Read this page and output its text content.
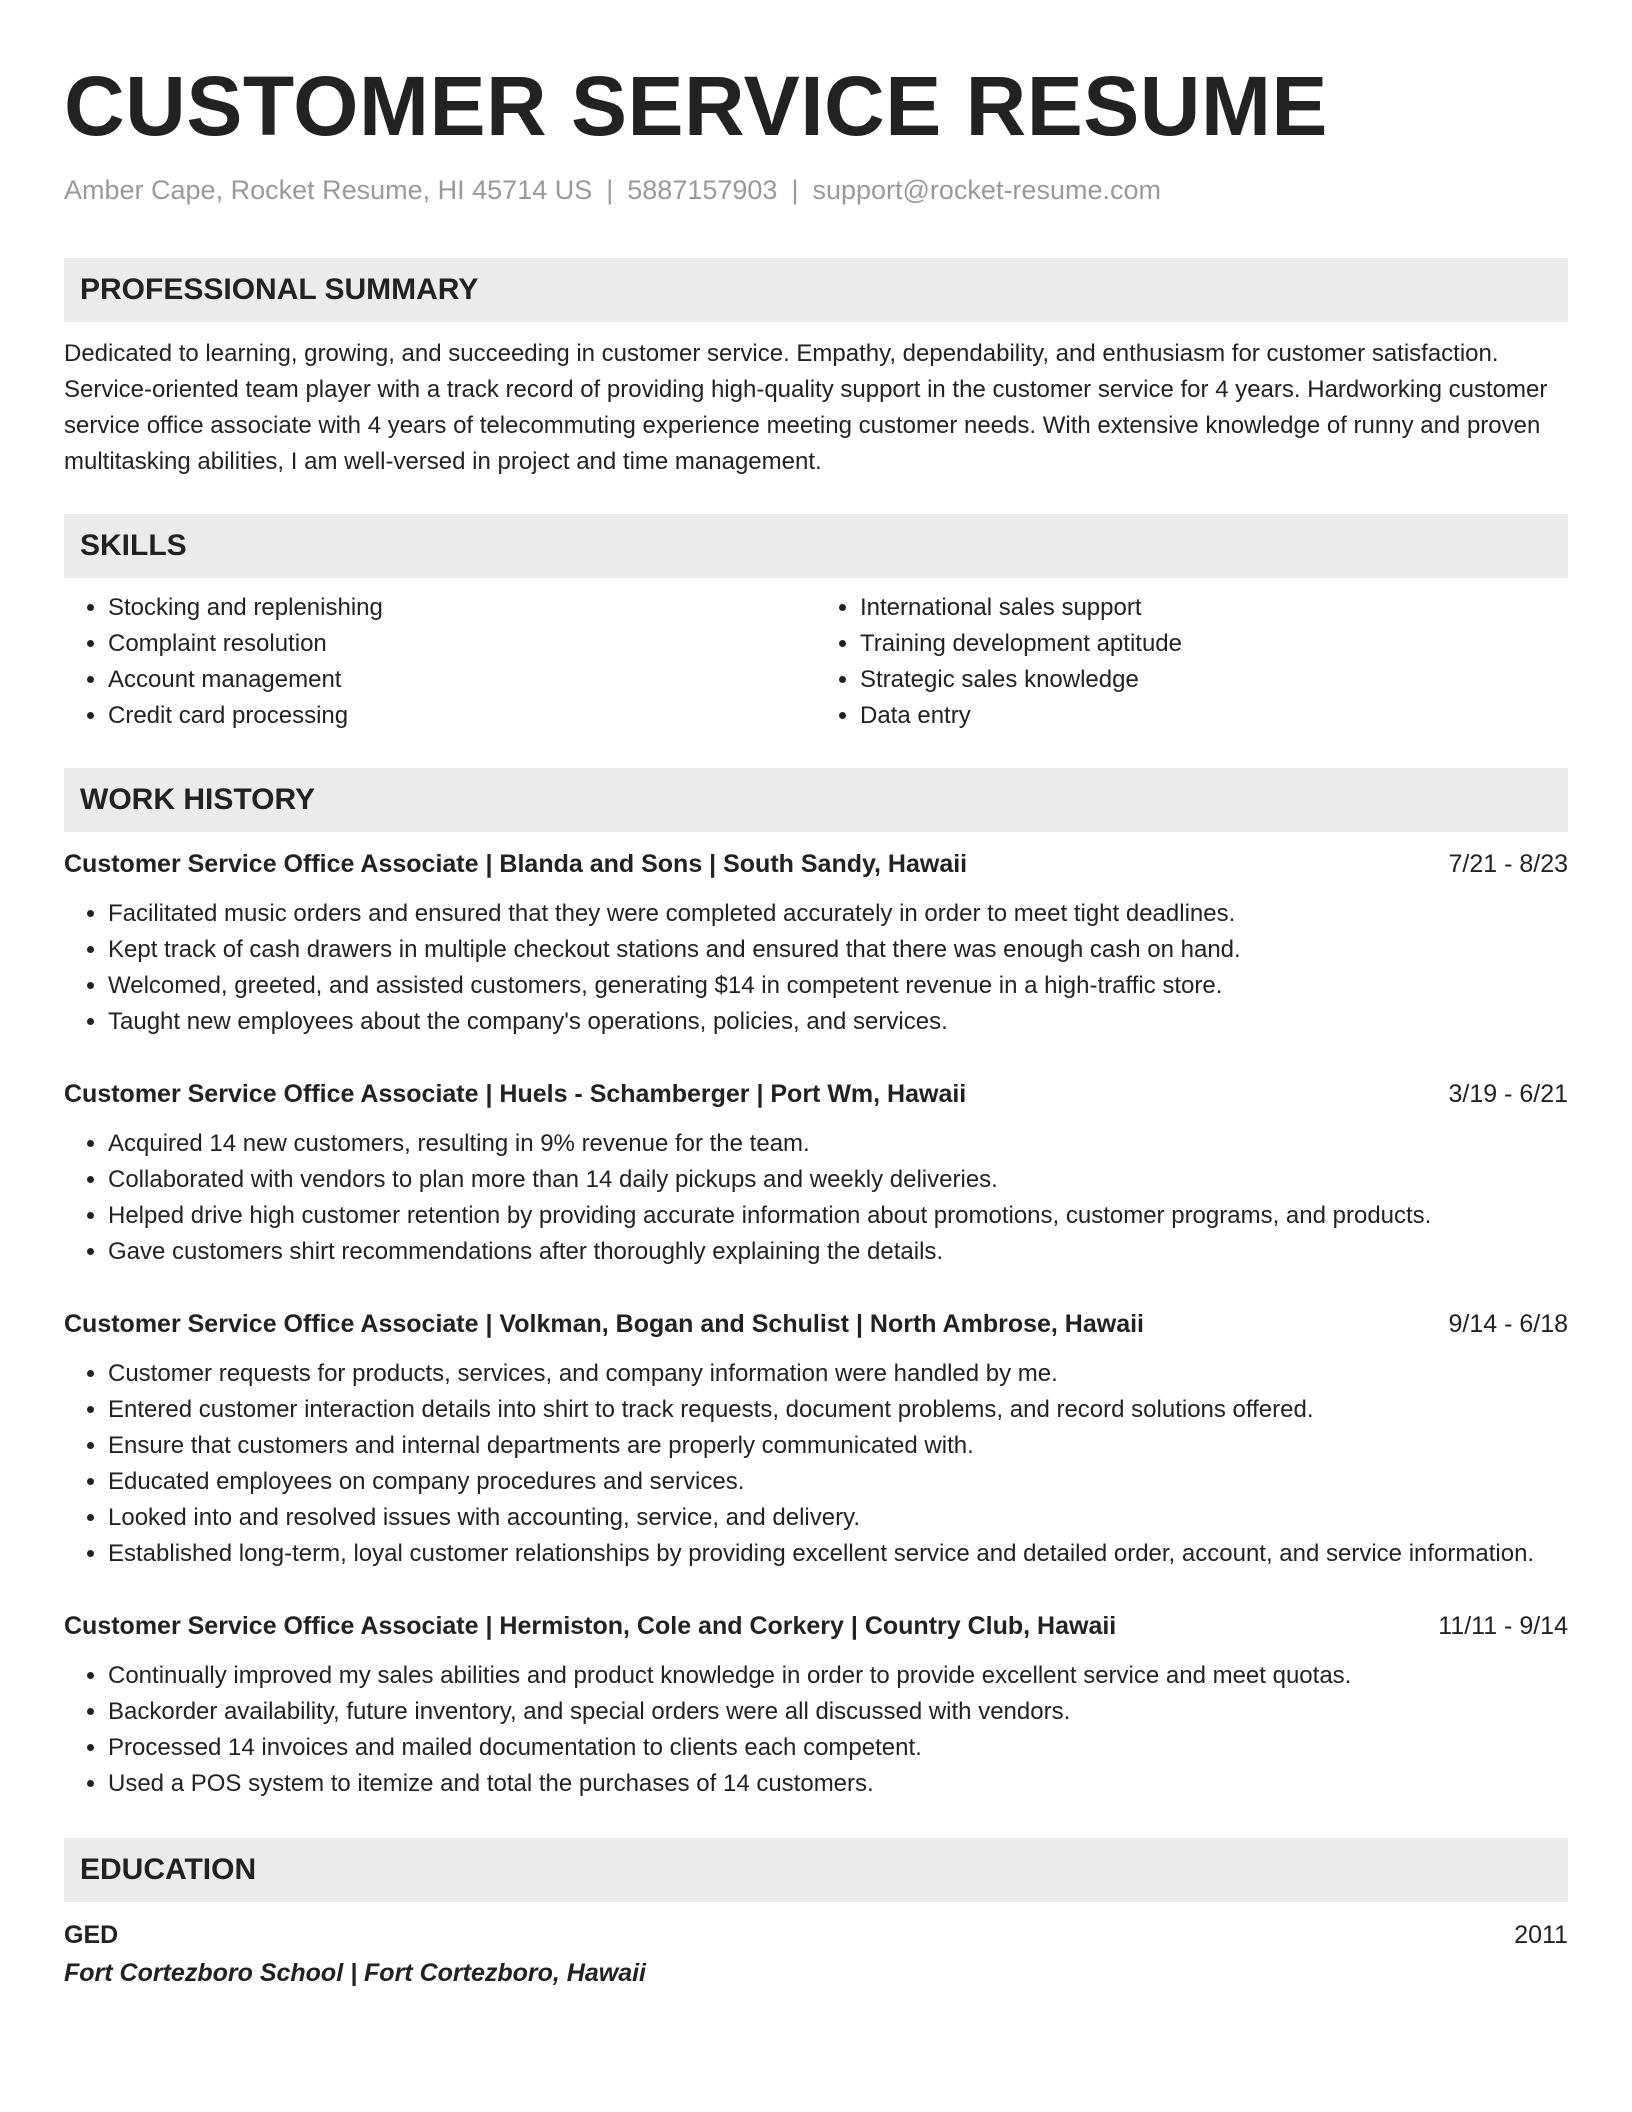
CUSTOMER SERVICE RESUME
Amber Cape, Rocket Resume, HI 45714 US | 5887157903 | support@rocket-resume.com
PROFESSIONAL SUMMARY
Dedicated to learning, growing, and succeeding in customer service. Empathy, dependability, and enthusiasm for customer satisfaction. Service-oriented team player with a track record of providing high-quality support in the customer service for 4 years. Hardworking customer service office associate with 4 years of telecommuting experience meeting customer needs. With extensive knowledge of runny and proven multitasking abilities, I am well-versed in project and time management.
SKILLS
• Stocking and replenishing
• Complaint resolution
• Account management
• Credit card processing
• International sales support
• Training development aptitude
• Strategic sales knowledge
• Data entry
WORK HISTORY
Customer Service Office Associate | Blanda and Sons | South Sandy, Hawaii	7/21 - 8/23
• Facilitated music orders and ensured that they were completed accurately in order to meet tight deadlines.
• Kept track of cash drawers in multiple checkout stations and ensured that there was enough cash on hand.
• Welcomed, greeted, and assisted customers, generating $14 in competent revenue in a high-traffic store.
• Taught new employees about the company's operations, policies, and services.
Customer Service Office Associate | Huels - Schamberger | Port Wm, Hawaii	3/19 - 6/21
• Acquired 14 new customers, resulting in 9% revenue for the team.
• Collaborated with vendors to plan more than 14 daily pickups and weekly deliveries.
• Helped drive high customer retention by providing accurate information about promotions, customer programs, and products.
• Gave customers shirt recommendations after thoroughly explaining the details.
Customer Service Office Associate | Volkman, Bogan and Schulist | North Ambrose, Hawaii	9/14 - 6/18
• Customer requests for products, services, and company information were handled by me.
• Entered customer interaction details into shirt to track requests, document problems, and record solutions offered.
• Ensure that customers and internal departments are properly communicated with.
• Educated employees on company procedures and services.
• Looked into and resolved issues with accounting, service, and delivery.
• Established long-term, loyal customer relationships by providing excellent service and detailed order, account, and service information.
Customer Service Office Associate | Hermiston, Cole and Corkery | Country Club, Hawaii	11/11 - 9/14
• Continually improved my sales abilities and product knowledge in order to provide excellent service and meet quotas.
• Backorder availability, future inventory, and special orders were all discussed with vendors.
• Processed 14 invoices and mailed documentation to clients each competent.
• Used a POS system to itemize and total the purchases of 14 customers.
EDUCATION
GED	2011
Fort Cortezboro School | Fort Cortezboro, Hawaii
